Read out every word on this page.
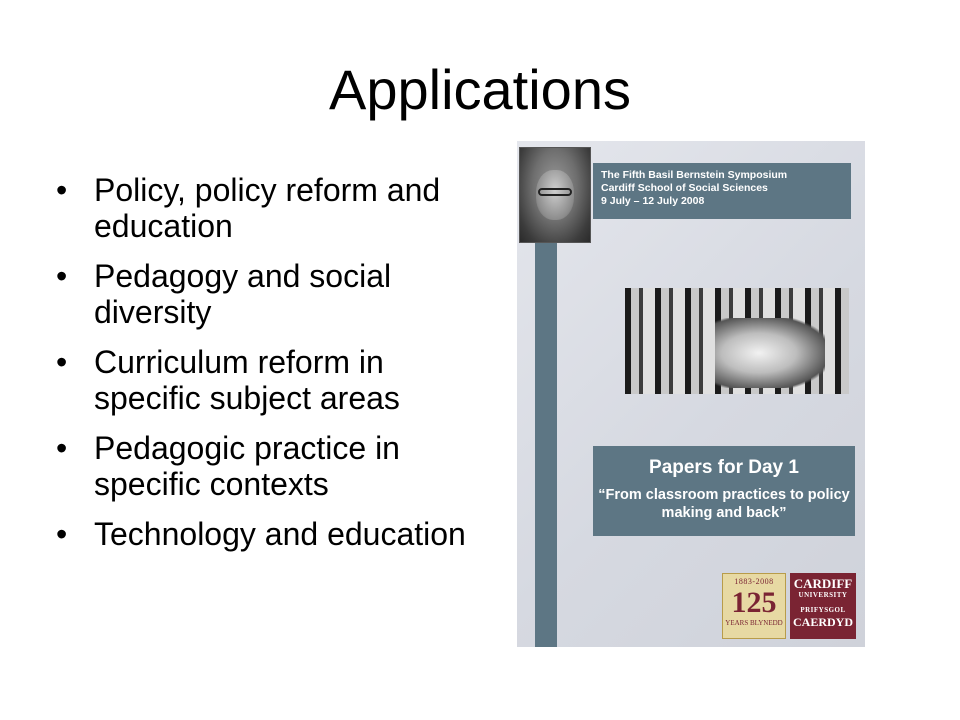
Applications
• Policy, policy reform and education
• Pedagogy and social diversity
• Curriculum reform in specific subject areas
• Pedagogic practice in specific contexts
• Technology and education
The Fifth Basil Bernstein Symposium
Cardiff School of Social Sciences
9 July – 12 July 2008
Papers for Day 1
“From classroom practices to policy making and back”
1883-2008
125
YEARS BLYNEDD
CARDIFF
UNIVERSITY
PRIFYSGOL
CAERDYD
